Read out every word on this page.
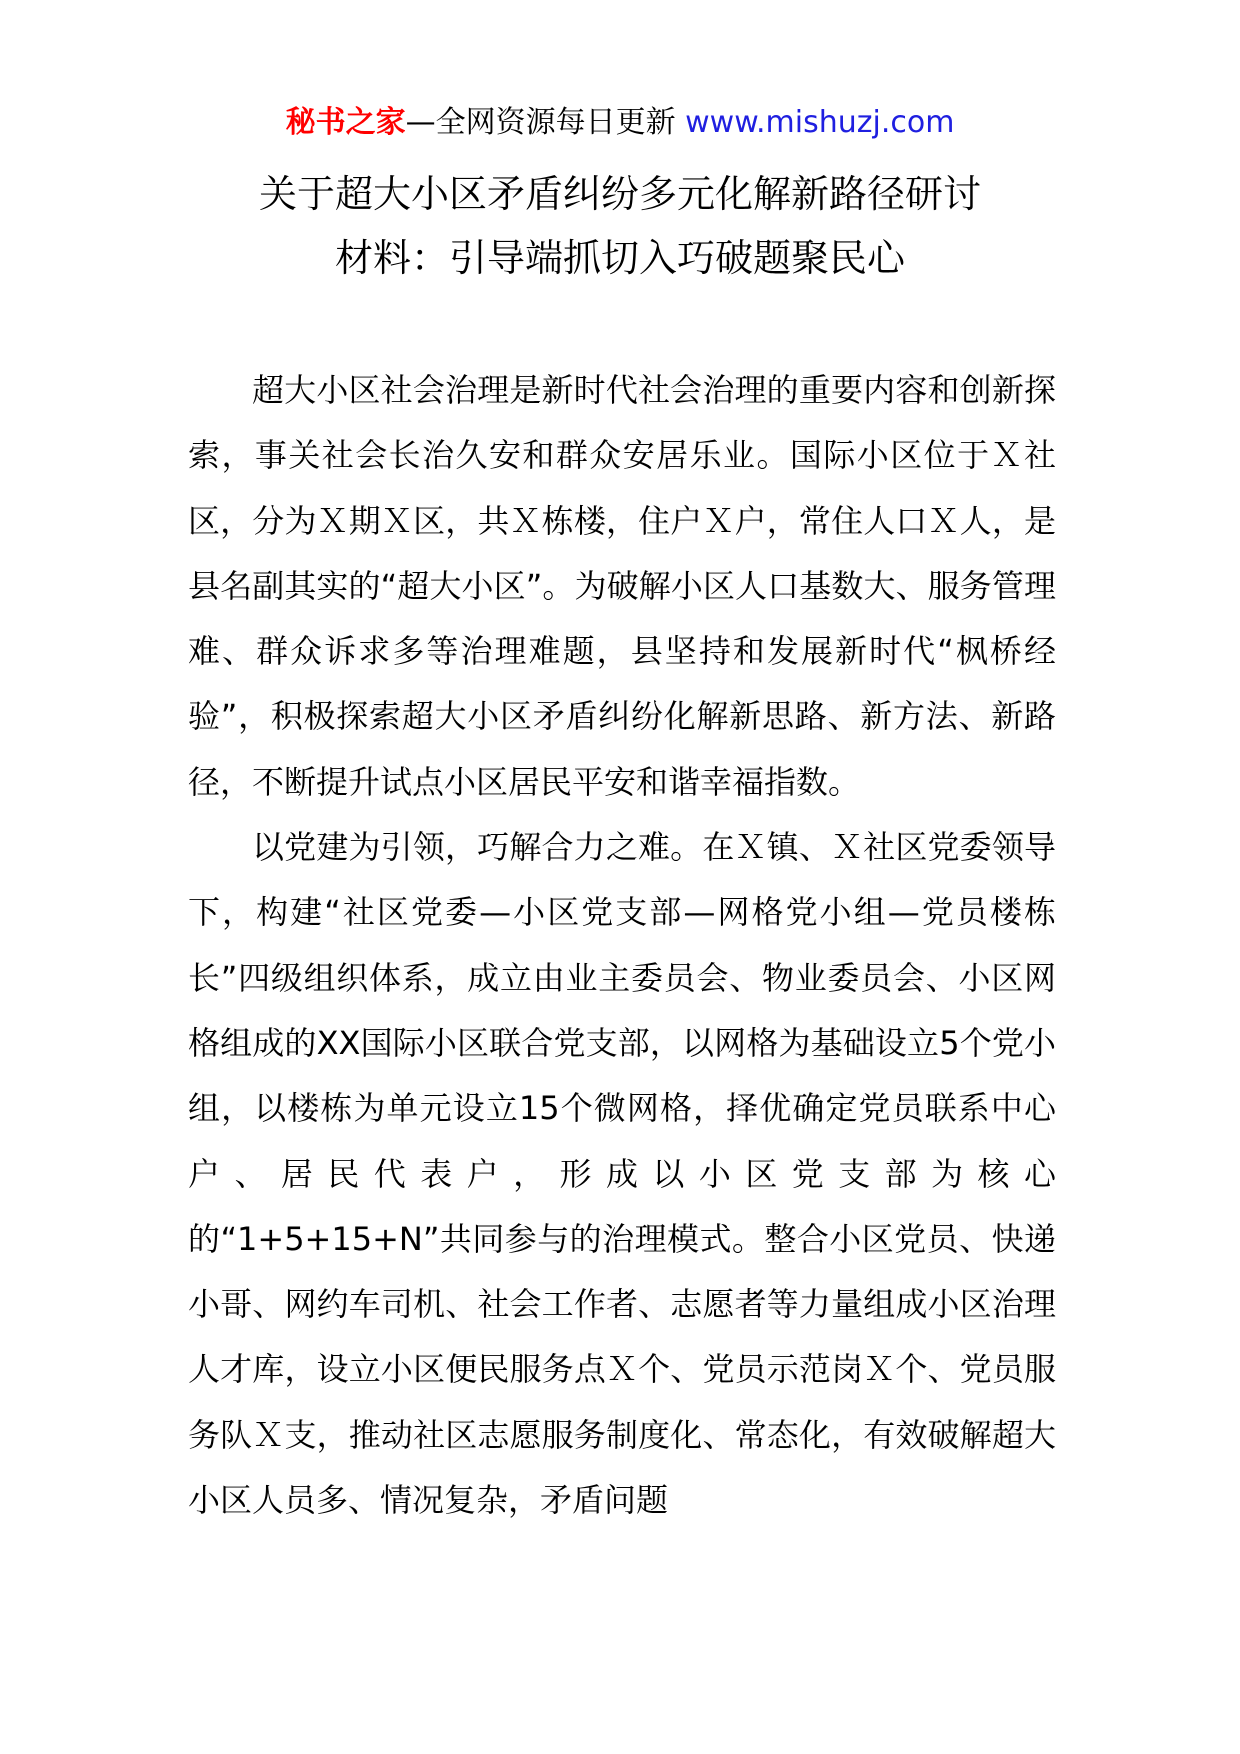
秘书之家—全网资源每日更新 www.mishuzj.com
关于超大小区矛盾纠纷多元化解新路径研讨
材料：引导端抓切入巧破题聚民心

超大小区社会治理是新时代社会治理的重要内容和创新探索，事关社会长治久安和群众安居乐业。国际小区位于Ｘ社区，分为Ｘ期Ｘ区，共Ｘ栋楼，住户Ｘ户，常住人口Ｘ人，是县名副其实的“超大小区”。为破解小区人口基数大、服务管理难、群众诉求多等治理难题，县坚持和发展新时代“枫桥经验”，积极探索超大小区矛盾纠纷化解新思路、新方法、新路径，不断提升试点小区居民平安和谐幸福指数。

以党建为引领，巧解合力之难。在Ｘ镇、Ｘ社区党委领导下，构建“社区党委—小区党支部—网格党小组—党员楼栋长”四级组织体系，成立由业主委员会、物业委员会、小区网格组成的XX国际小区联合党支部，以网格为基础设立5个党小组，以楼栋为单元设立15个微网格，择优确定党员联系中心户、居民代表户，形成以小区党支部为核心的“1+5+15+N”共同参与的治理模式。整合小区党员、快递小哥、网约车司机、社会工作者、志愿者等力量组成小区治理人才库，设立小区便民服务点Ｘ个、党员示范岗Ｘ个、党员服务队Ｘ支，推动社区志愿服务制度化、常态化，有效破解超大小区人员多、情况复杂，矛盾问题
